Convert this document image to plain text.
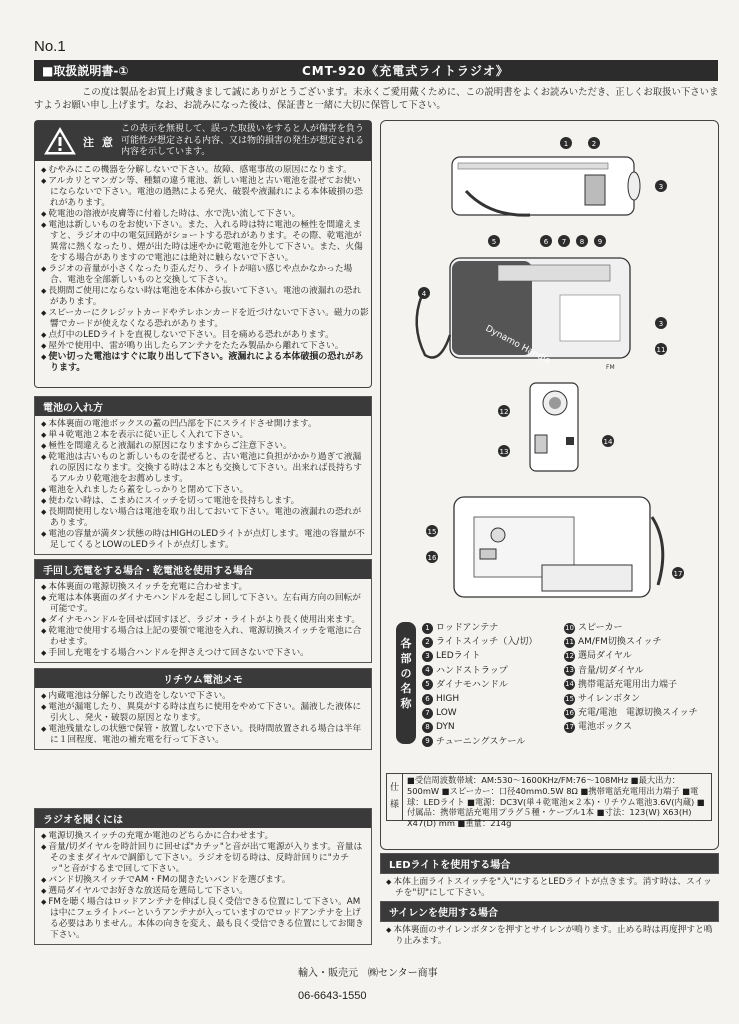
No.1
■取扱説明書-①	CMT-920《充電式ライトラジオ》
この度は製品をお買上げ戴きまして誠にありがとうございます。末永くご愛用戴くために、この説明書をよくお読みいただき、正しくお取扱い下さいますようお願い申し上げます。なお、お読みになった後は、保証書と一緒に大切に保管して下さい。
注 意
この表示を無視して、誤った取扱いをすると人が傷害を負う可能性が想定される内容、又は物的損害の発生が想定される内容を示しています。
◆ むやみにこの機器を分解しないで下さい。故障、感電事故の原因になります。
◆ アルカリとマンガン等、種類の違う電池、新しい電池と古い電池を混ぜてお使いにならないで下さい。電池の過熱による発火、破裂や液漏れによる本体破損の恐れがあります。
◆ 乾電池の溶液が皮膚等に付着した時は、水で洗い流して下さい。
◆ 電池は新しいものをお使い下さい。また、入れる時は特に電池の極性を間違えますと、ラジオの中の電気回路がショートする恐れがあります。その際、乾電池が異常に熱くなったり、煙が出た時は速やかに乾電池を外して下さい。また、火傷をする場合がありますので電池には絶対に触らないで下さい。
◆ ラジオの音量が小さくなったり歪んだり、ライトが暗い感じや点かなかった場合、電池を全部新しいものと交換して下さい。
◆ 長期間ご使用にならない時は電池を本体から抜いて下さい。電池の液漏れの恐れがあります。
◆ スピーカーにクレジットカードやテレホンカードを近づけないで下さい。磁力の影響でカードが使えなくなる恐れがあります。
◆ 点灯中のLEDライトを直視しないで下さい。目を痛める恐れがあります。
◆ 屋外で使用中、雷が鳴り出したらアンテナをたたみ製品から離れて下さい。
◆ 使い切った電池はすぐに取り出して下さい。液漏れによる本体破損の恐れがあります。
電池の入れ方
◆ 本体裏面の電池ボックスの蓋の凹凸部を下にスライドさせ開けます。
◆ 単４乾電池２本を表示に従い正しく入れて下さい。
◆ 極性を間違えると液漏れの原因になりますからご注意下さい。
◆ 乾電池は古いものと新しいものを混ぜると、古い電池に負担がかかり過ぎて液漏れの原因になります。交換する時は２本とも交換して下さい。出来れば長持ちするアルカリ乾電池をお薦めします。
◆ 電池を入れましたら蓋をしっかりと閉めて下さい。
◆ 使わない時は、こまめにスイッチを切って電池を長持ちします。
◆ 長期間使用しない場合は電池を取り出しておいて下さい。電池の液漏れの恐れがあります。
◆ 電池の容量が満タン状態の時はHIGHのLEDライトが点灯します。電池の容量が不足してくるとLOWのLEDライトが点灯します。
手回し充電をする場合・乾電池を使用する場合
◆ 本体裏面の電源切換スイッチを充電に合わせます。
◆ 充電は本体裏面のダイナモハンドルを起こし回して下さい。左右両方向の回転が可能です。
◆ ダイナモハンドルを回せば回すほど、ラジオ・ライトがより長く使用出来ます。
◆ 乾電池で使用する場合は上記の要領で電池を入れ、電源切換スイッチを電池に合わせます。
◆ 手回し充電をする場合ハンドルを押さえつけて回さないで下さい。
リチウム電池メモ
◆ 内蔵電池は分解したり改造をしないで下さい。
◆ 電池が漏電したり、異臭がする時は直ちに使用をやめて下さい。漏液した液体に引火し、発火・破裂の原因となります。
◆ 電池残量なしの状態で保管・放置しないで下さい。長時間放置される場合は半年に１回程度、電池の補充電を行って下さい。
ラジオを聞くには
◆ 電源切換スイッチの充電か電池のどちらかに合わせます。
◆ 音量/切ダイヤルを時計回りに回せば"カチッ"と音が出て電源が入ります。音量はそのままダイヤルで調節して下さい。ラジオを切る時は、反時計回りに"カチッ"と音がするまで回して下さい。
◆ バンド切換スイッチでAM・FMの聞きたいバンドを選びます。
◆ 選局ダイヤルでお好きな放送局を選局して下さい。
◆ FMを聴く場合はロッドアンテナを伸ばし良く受信できる位置にして下さい。AMは中にフェライトバーというアンテナが入っていますのでロッドアンテナを上げる必要はありません。本体の向きを変え、最も良く受信できる位置にしてお聞き下さい。
Dynamo Handle
FM
1	2
3
5	6 7 8 9
4
3
11
12
13
14
15
16
17
各
部
の
名
称
1 ロッドアンテナ	10 スピーカー
2 ライトスイッチ（入/切）	11 AM/FM切換スイッチ
3 LEDライト	12 選局ダイヤル
4 ハンドストラップ	13 音量/切ダイヤル
5 ダイナモハンドル	14 携帯電話充電用出力端子
6 HIGH	15 サイレンボタン
7 LOW	16 充電/電池　電源切換スイッチ
8 DYN	17 電池ボックス
9 チューニングスケール
仕
様
■受信周波数帯域：AM:530〜1600KHz/FM:76〜108MHz ■最大出力：500mW ■スピーカー：口径40mm0.5W 8Ω ■携帯電話充電用出力端子 ■電球：LEDライト ■電源：DC3V(単４乾電池×２本)・リチウム電池3.6V(内蔵) ■付属品：携帯電話充電用プラグ５種・ケーブル1本 ■寸法：123(W) X63(H) X47(D) mm ■重量：214g
LEDライトを使用する場合
◆ 本体上面ライトスイッチを"入"にするとLEDライトが点きます。消す時は、スイッチを"切"にして下さい。
サイレンを使用する場合
◆ 本体裏面のサイレンボタンを押すとサイレンが鳴ります。止める時は再度押すと鳴り止みます。
輸入・販売元　㈱センター商事
06-6643-1550
